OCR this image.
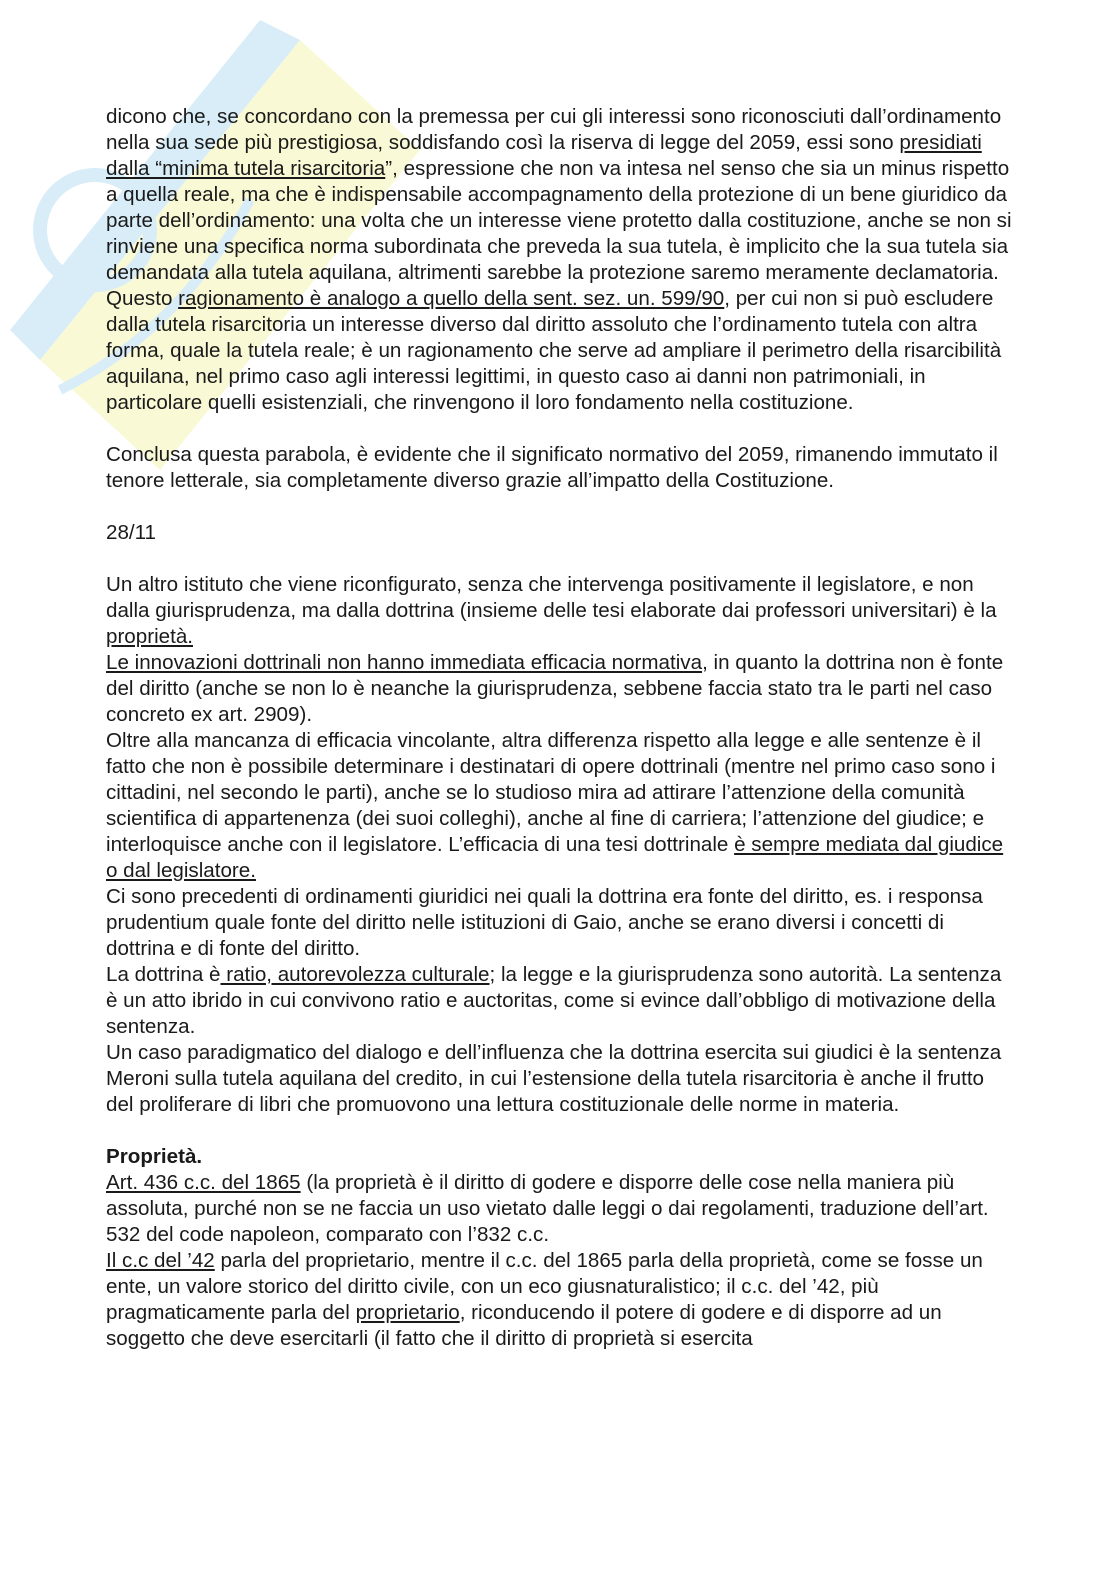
dicono che, se concordano con la premessa per cui gli interessi sono riconosciuti dall’ordinamento nella sua sede più prestigiosa, soddisfando così la riserva di legge del 2059, essi sono presidiati dalla “minima tutela risarcitoria”, espressione che non va intesa nel senso che sia un minus rispetto a quella reale, ma che è indispensabile accompagnamento della protezione di un bene giuridico da parte dell’ordinamento: una volta che un interesse viene protetto dalla costituzione, anche se non si rinviene una specifica norma subordinata che preveda la sua tutela, è implicito che la sua tutela sia demandata alla tutela aquilana, altrimenti sarebbe la protezione saremo meramente declamatoria. Questo ragionamento è analogo a quello della sent. sez. un. 599/90, per cui non si può escludere dalla tutela risarcitoria un interesse diverso dal diritto assoluto che l’ordinamento tutela con altra forma, quale la tutela reale; è un ragionamento che serve ad ampliare il perimetro della risarcibilità aquilana, nel primo caso agli interessi legittimi, in questo caso ai danni non patrimoniali, in particolare quelli esistenziali, che rinvengono il loro fondamento nella costituzione.

Conclusa questa parabola, è evidente che il significato normativo del 2059, rimanendo immutato il tenore letterale, sia completamente diverso grazie all’impatto della Costituzione.

28/11

Un altro istituto che viene riconfigurato, senza che intervenga positivamente il legislatore, e non dalla giurisprudenza, ma dalla dottrina (insieme delle tesi elaborate dai professori universitari) è la proprietà.

Le innovazioni dottrinali non hanno immediata efficacia normativa, in quanto la dottrina non è fonte del diritto (anche se non lo è neanche la giurisprudenza, sebbene faccia stato tra le parti nel caso concreto ex art. 2909).

Oltre alla mancanza di efficacia vincolante, altra differenza rispetto alla legge e alle sentenze è il fatto che non è possibile determinare i destinatari di opere dottrinali (mentre nel primo caso sono i cittadini, nel secondo le parti), anche se lo studioso mira ad attirare l’attenzione della comunità scientifica di appartenenza (dei suoi colleghi), anche al fine di carriera; l’attenzione del giudice; e interloquisce anche con il legislatore. L’efficacia di una tesi dottrinale è sempre mediata dal giudice o dal legislatore.

Ci sono precedenti di ordinamenti giuridici nei quali la dottrina era fonte del diritto, es. i responsa prudentium quale fonte del diritto nelle istituzioni di Gaio, anche se erano diversi i concetti di dottrina e di fonte del diritto.

La dottrina è ratio, autorevolezza culturale; la legge e la giurisprudenza sono autorità. La sentenza è un atto ibrido in cui convivono ratio e auctoritas, come si evince dall’obbligo di motivazione della sentenza.

Un caso paradigmatico del dialogo e dell’influenza che la dottrina esercita sui giudici è la sentenza Meroni sulla tutela aquilana del credito, in cui l’estensione della tutela risarcitoria è anche il frutto del proliferare di libri che promuovono una lettura costituzionale delle norme in materia.

Proprietà.

Art. 436 c.c. del 1865 (la proprietà è il diritto di godere e disporre delle cose nella maniera più assoluta, purché non se ne faccia un uso vietato dalle leggi o dai regolamenti, traduzione dell’art. 532 del code napoleon, comparato con l’832 c.c.

Il c.c del ’42 parla del proprietario, mentre il c.c. del 1865 parla della proprietà, come se fosse un ente, un valore storico del diritto civile, con un eco giusnaturalistico; il c.c. del ’42, più pragmaticamente parla del proprietario, riconducendo il potere di godere e di disporre ad un soggetto che deve esercitarli (il fatto che il diritto di proprietà si esercita
